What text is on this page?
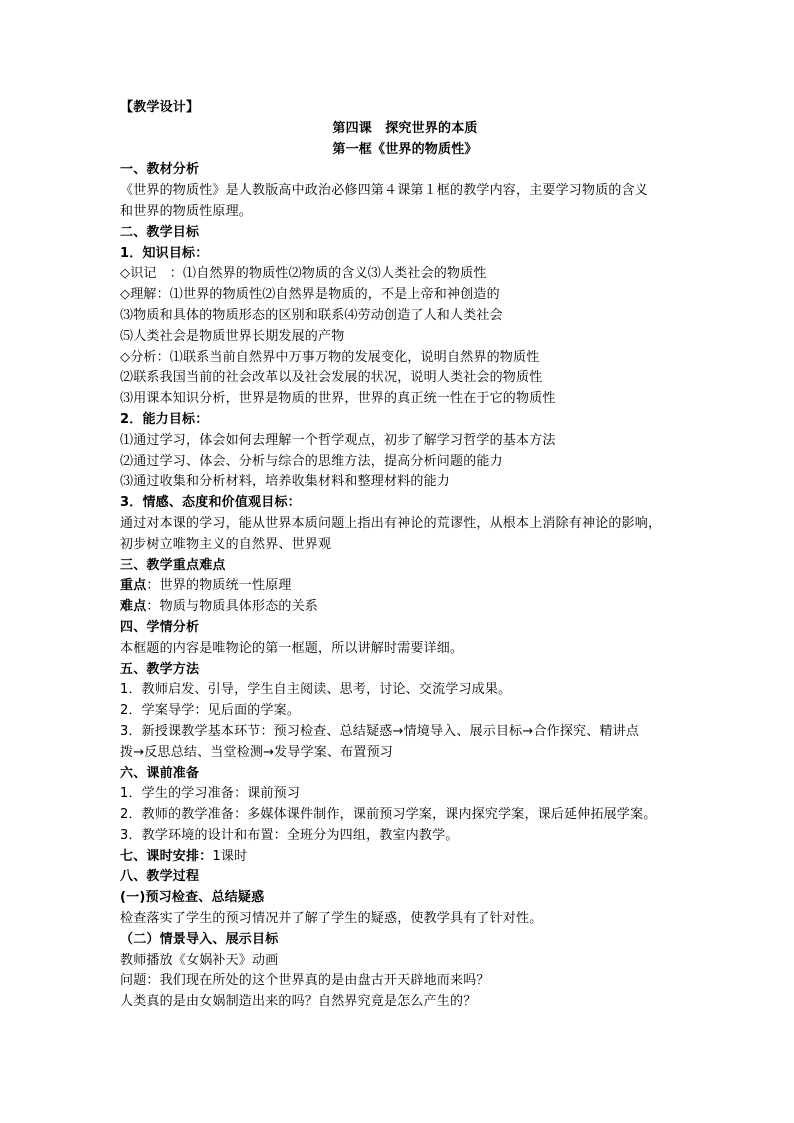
【教学设计】
第四课　探究世界的本质
第一框《世界的物质性》
一、教材分析
《世界的物质性》是人教版高中政治必修四第４课第１框的教学内容，主要学习物质的含义
和世界的物质性原理。
二、教学目标
1．知识目标：
◇识记　：⑴自然界的物质性⑵物质的含义⑶人类社会的物质性
◇理解：⑴世界的物质性⑵自然界是物质的，不是上帝和神创造的
⑶物质和具体的物质形态的区别和联系⑷劳动创造了人和人类社会
⑸人类社会是物质世界长期发展的产物
◇分析：⑴联系当前自然界中万事万物的发展变化，说明自然界的物质性
⑵联系我国当前的社会改革以及社会发展的状况，说明人类社会的物质性
⑶用课本知识分析，世界是物质的世界，世界的真正统一性在于它的物质性
2．能力目标：
⑴通过学习，体会如何去理解一个哲学观点，初步了解学习哲学的基本方法
⑵通过学习、体会、分析与综合的思维方法，提高分析问题的能力
⑶通过收集和分析材料，培养收集材料和整理材料的能力
3．情感、态度和价值观目标：
通过对本课的学习，能从世界本质问题上指出有神论的荒谬性，从根本上消除有神论的影响，
初步树立唯物主义的自然界、世界观
三、教学重点难点
重点：世界的物质统一性原理
难点：物质与物质具体形态的关系
四、学情分析
本框题的内容是唯物论的第一框题，所以讲解时需要详细。
五、教学方法
1．教师启发、引导，学生自主阅读、思考，讨论、交流学习成果。
2．学案导学：见后面的学案。
3．新授课教学基本环节：预习检查、总结疑惑→情境导入、展示目标→合作探究、精讲点
拨→反思总结、当堂检测→发导学案、布置预习
六、课前准备
1．学生的学习准备：课前预习
2．教师的教学准备：多媒体课件制作，课前预习学案，课内探究学案，课后延伸拓展学案。
3．教学环境的设计和布置：全班分为四组，教室内教学。
七、课时安排：1课时
八、教学过程
(一)预习检查、总结疑惑
检查落实了学生的预习情况并了解了学生的疑惑，使教学具有了针对性。
（二）情景导入、展示目标
教师播放《女娲补天》动画
问题：我们现在所处的这个世界真的是由盘古开天辟地而来吗？
人类真的是由女娲制造出来的吗？自然界究竟是怎么产生的？
